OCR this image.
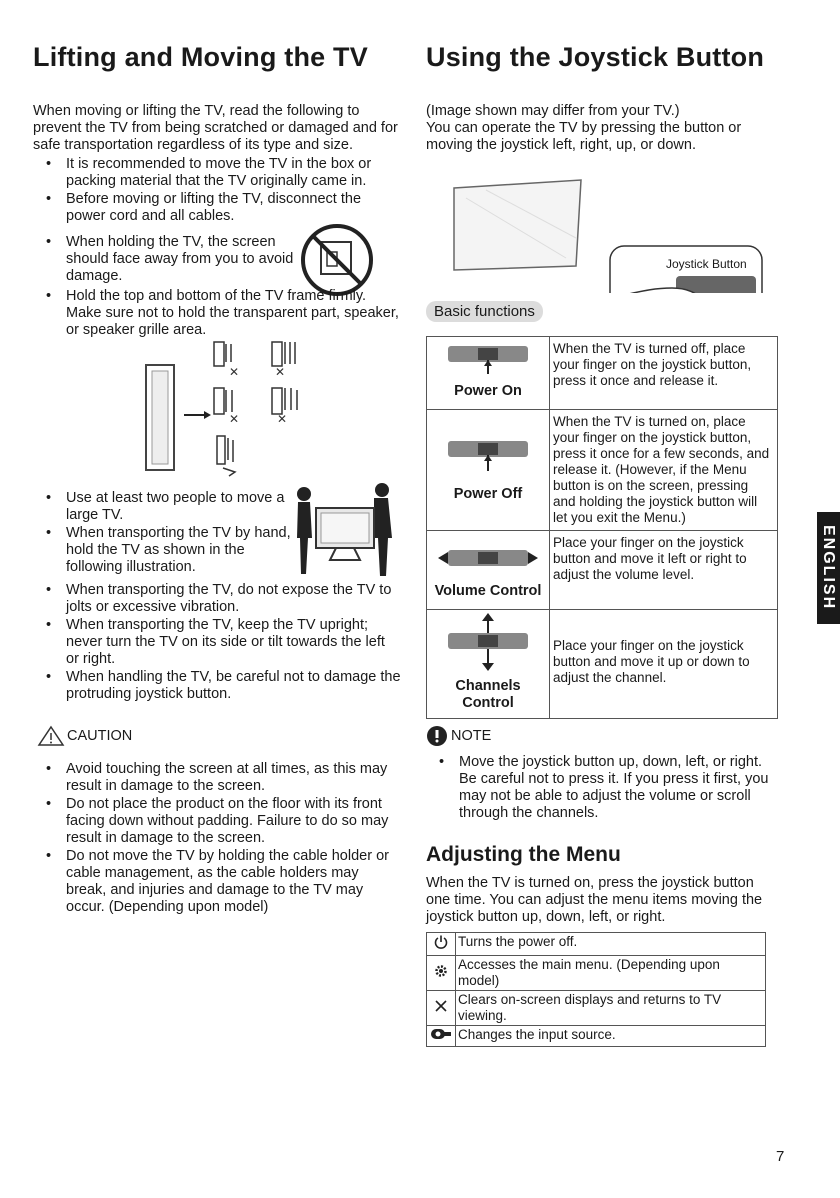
Lifting and Moving the TV Using the Joystick Button

When moving or lifting the TV, read the following to prevent the TV from being scratched or damaged and for safe transportation regardless of its type and size.

• It is recommended to move the TV in the box or packing material that the TV originally came in.
• Before moving or lifting the TV, disconnect the power cord and all cables.
• When holding the TV, the screen should face away from you to avoid damage.
• Hold the top and bottom of the TV frame firmly. Make sure not to hold the transparent part, speaker, or speaker grille area.
✕	✕
✕	✕
• Use at least two people to move a large TV.
• When transporting the TV by hand, hold the TV as shown in the following illustration.
• When transporting the TV, do not expose the TV to jolts or excessive vibration.
• When transporting the TV, keep the TV upright; never turn the TV on its side or tilt towards the left or right.
• When handling the TV, be careful not to damage the protruding joystick button.
CAUTION
• Avoid touching the screen at all times, as this may result in damage to the screen.
• Do not place the product on the floor with its front facing down without padding. Failure to do so may result in damage to the screen.
• Do not move the TV by holding the cable holder or cable management, as the cable holders may break, and injuries and damage to the TV may occur. (Depending upon model)

(Image shown may differ from your TV.)

You can operate the TV by pressing the button or moving the joystick left, right, up, or down.

Joystick Button
Basic functions
Power On	When the TV is turned off, place your finger on the joystick button, press it once and release it.

Power Off	When the TV is turned on, place your finger on the joystick button, press it once for a few seconds, and release it. (However, if the Menu button is on the screen, pressing and holding the joystick button will let you exit the Menu.)

Volume Control	Place your finger on the joystick button and move it left or right to adjust the volume level.

Channels Control	Place your finger on the joystick button and move it up or down to adjust the channel.
NOTE
• Move the joystick button up, down, left, or right. Be careful not to press it. If you press it first, you may not be able to adjust the volume or scroll through the channels.
Adjusting the Menu

When the TV is turned on, press the joystick button one time. You can adjust the menu items moving the joystick button up, down, left, or right.

	Turns the power off.
	Accesses the main menu. (Depending upon model)
	Clears on-screen displays and returns to TV viewing.
	Changes the input source.
ENGLISH
7
